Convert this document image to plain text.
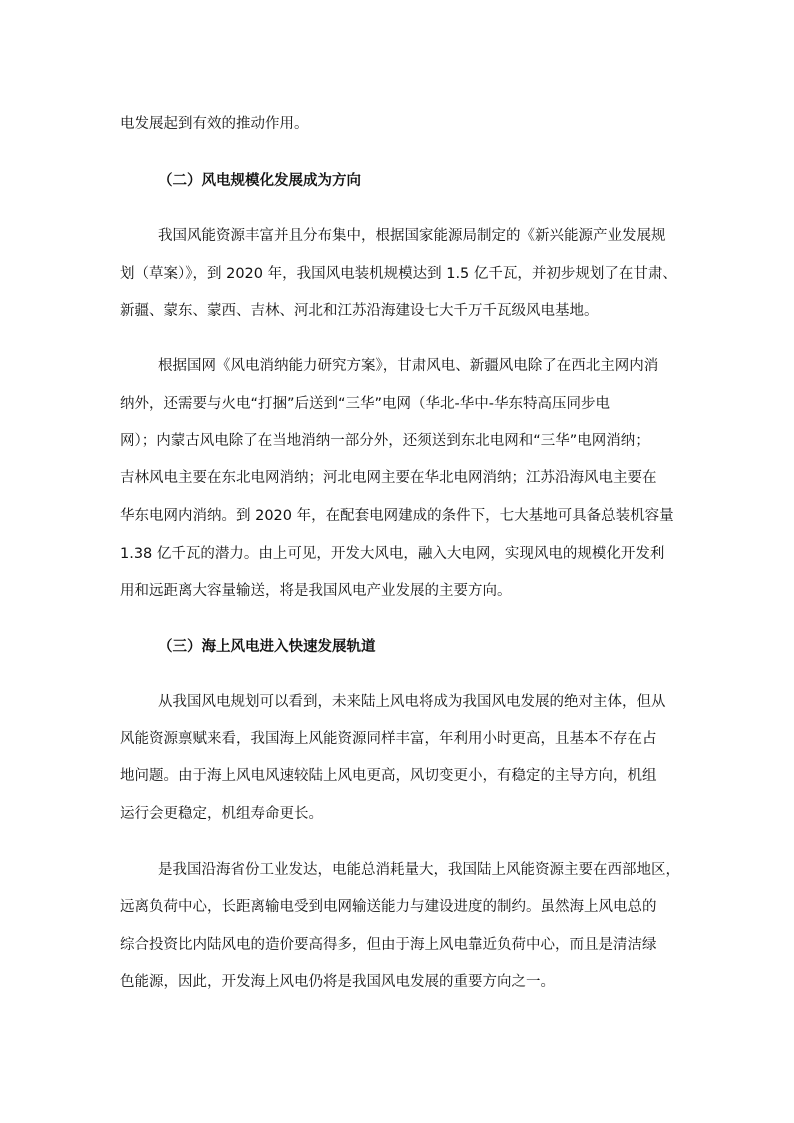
电发展起到有效的推动作用。
（二）风电规模化发展成为方向
我国风能资源丰富并且分布集中，根据国家能源局制定的《新兴能源产业发展规
划（草案）》，到 2020 年，我国风电装机规模达到 1.5 亿千瓦，并初步规划了在甘肃、
新疆、蒙东、蒙西、吉林、河北和江苏沿海建设七大千万千瓦级风电基地。
根据国网《风电消纳能力研究方案》，甘肃风电、新疆风电除了在西北主网内消
纳外，还需要与火电“打捆”后送到“三华”电网（华北-华中-华东特高压同步电
网）；内蒙古风电除了在当地消纳一部分外，还须送到东北电网和“三华”电网消纳；
吉林风电主要在东北电网消纳；河北电网主要在华北电网消纳；江苏沿海风电主要在
华东电网内消纳。到 2020 年，在配套电网建成的条件下，七大基地可具备总装机容量
1.38 亿千瓦的潜力。由上可见，开发大风电，融入大电网，实现风电的规模化开发利
用和远距离大容量输送，将是我国风电产业发展的主要方向。
（三）海上风电进入快速发展轨道
从我国风电规划可以看到，未来陆上风电将成为我国风电发展的绝对主体，但从
风能资源禀赋来看，我国海上风能资源同样丰富，年利用小时更高，且基本不存在占
地问题。由于海上风电风速较陆上风电更高，风切变更小，有稳定的主导方向，机组
运行会更稳定，机组寿命更长。
是我国沿海省份工业发达，电能总消耗量大，我国陆上风能资源主要在西部地区，
远离负荷中心，长距离输电受到电网输送能力与建设进度的制约。虽然海上风电总的
综合投资比内陆风电的造价要高得多，但由于海上风电靠近负荷中心，而且是清洁绿
色能源，因此，开发海上风电仍将是我国风电发展的重要方向之一。
